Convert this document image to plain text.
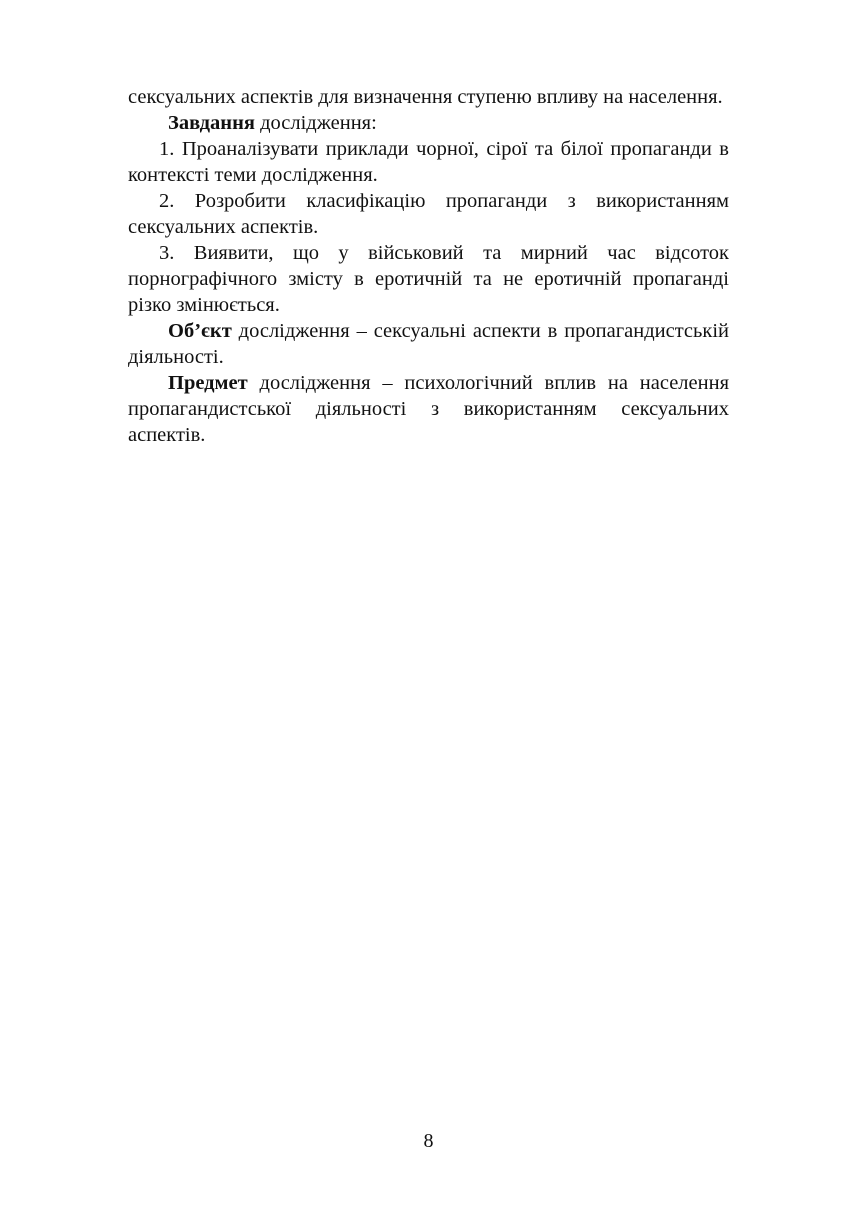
сексуальних аспектів для визначення ступеню впливу на населення.

Завдання дослідження:

1. Проаналізувати приклади чорної, сірої та білої пропаганди в контексті теми дослідження.

2. Розробити класифікацію пропаганди з використанням сексуальних аспектів.

3. Виявити, що у військовий та мирний час відсоток порнографічного змісту в еротичній та не еротичній пропаганді різко змінюється.

Об’єкт дослідження – сексуальні аспекти в пропагандистській діяльності.

Предмет дослідження – психологічний вплив на населення пропагандистської діяльності з використанням сексуальних аспектів.

8
